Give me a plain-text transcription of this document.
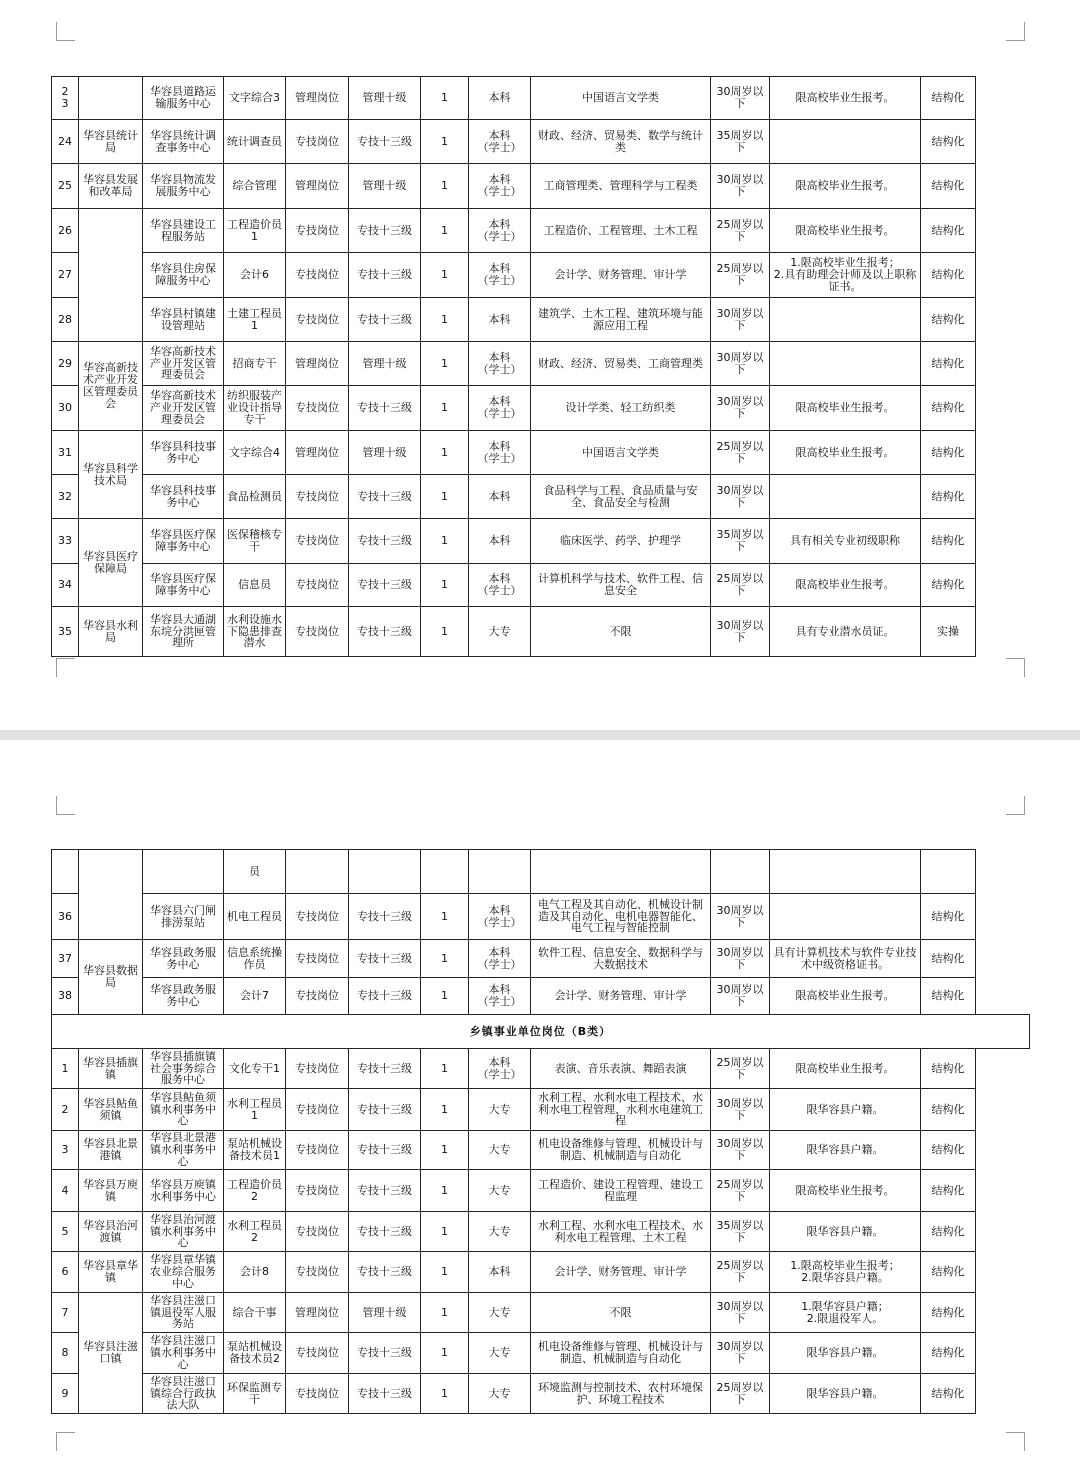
2
3		华容县道路运输服务中心	文字综合3	管理岗位	管理十级	1	本科	中国语言文学类	30周岁以下	限高校毕业生报考。	结构化
24	华容县统计局	华容县统计调查事务中心	统计调查员	专技岗位	专技十三级	1	本科
（学士）	财政、经济、贸易类、数学与统计类	35周岁以下		结构化
25	华容县发展和改革局	华容县物流发展服务中心	综合管理	管理岗位	管理十级	1	本科
（学士）	工商管理类、管理科学与工程类	30周岁以下	限高校毕业生报考。	结构化
26		华容县建设工程服务站	工程造价员1	专技岗位	专技十三级	1	本科
（学士）	工程造价、工程管理、土木工程	25周岁以下	限高校毕业生报考。	结构化
27		华容县住房保障服务中心	会计6	专技岗位	专技十三级	1	本科
（学士）	会计学、财务管理、审计学	25周岁以下	1.限高校毕业生报考；
2.具有助理会计师及以上职称证书。	结构化
28		华容县村镇建设管理站	土建工程员1	专技岗位	专技十三级	1	本科	建筑学、土木工程、建筑环境与能源应用工程	30周岁以下		结构化
29	华容高新技术产业开发区管理委员会	华容高新技术产业开发区管理委员会	招商专干	管理岗位	管理十级	1	本科
（学士）	财政、经济、贸易类、工商管理类	30周岁以下		结构化
30		华容高新技术产业开发区管理委员会	纺织服装产业设计指导专干	专技岗位	专技十三级	1	本科
（学士）	设计学类、轻工纺织类	30周岁以下	限高校毕业生报考。	结构化
31	华容县科学技术局	华容县科技事务中心	文字综合4	管理岗位	管理十级	1	本科
（学士）	中国语言文学类	25周岁以下	限高校毕业生报考。	结构化
32		华容县科技事务中心	食品检测员	专技岗位	专技十三级	1	本科	食品科学与工程、食品质量与安全、食品安全与检测	30周岁以下		结构化
33	华容县医疗保障局	华容县医疗保障事务中心	医保稽核专干	专技岗位	专技十三级	1	本科	临床医学、药学、护理学	35周岁以下	具有相关专业初级职称	结构化
34		华容县医疗保障事务中心	信息员	专技岗位	专技十三级	1	本科
（学士）	计算机科学与技术、软件工程、信息安全	25周岁以下	限高校毕业生报考。	结构化
35	华容县水利局	华容县大通湖东垸分洪匣管理所	水利设施水下隐患排查潜水	专技岗位	专技十三级	1	大专	不限	30周岁以下	具有专业潜水员证。	实操
			员								
36		华容县六门闸排涝泵站	机电工程员	专技岗位	专技十三级	1	本科
（学士）	电气工程及其自动化、机械设计制造及其自动化、电机电器智能化、电气工程与智能控制	30周岁以下		结构化
37	华容县数据局	华容县政务服务中心	信息系统操作员	专技岗位	专技十三级	1	本科
（学士）	软件工程、信息安全、数据科学与大数据技术	30周岁以下	具有计算机技术与软件专业技术中级资格证书。	结构化
38		华容县政务服务中心	会计7	专技岗位	专技十三级	1	本科
（学士）	会计学、财务管理、审计学	30周岁以下	限高校毕业生报考。	结构化
乡镇事业单位岗位（B类）											
1	华容县插旗镇	华容县插旗镇社会事务综合服务中心	文化专干1	专技岗位	专技十三级	1	本科
（学士）	表演、音乐表演、舞蹈表演	25周岁以下	限高校毕业生报考。	结构化
2	华容县鲇鱼须镇	华容县鲇鱼须镇水利事务中心	水利工程员1	专技岗位	专技十三级	1	大专	水利工程、水利水电工程技术、水利水电工程管理、水利水电建筑工程	30周岁以下	限华容县户籍。	结构化
3	华容县北景港镇	华容县北景港镇水利事务中心	泵站机械设备技术员1	专技岗位	专技十三级	1	大专	机电设备维修与管理、机械设计与制造、机械制造与自动化	30周岁以下	限华容县户籍。	结构化
4	华容县万庾镇	华容县万庾镇水利事务中心	工程造价员2	专技岗位	专技十三级	1	大专	工程造价、建设工程管理、建设工程监理	25周岁以下	限高校毕业生报考。	结构化
5	华容县治河渡镇	华容县治河渡镇水利事务中心	水利工程员2	专技岗位	专技十三级	1	大专	水利工程、水利水电工程技术、水利水电工程管理、土木工程	35周岁以下	限华容县户籍。	结构化
6	华容县章华镇	华容县章华镇农业综合服务中心	会计8	专技岗位	专技十三级	1	本科	会计学、财务管理、审计学	25周岁以下	1.限高校毕业生报考；
2.限华容县户籍。	结构化
7	华容县注滋口镇	华容县注滋口镇退役军人服务站	综合干事	管理岗位	管理十级	1	大专	不限	30周岁以下	1.限华容县户籍；
2.限退役军人。	结构化
8		华容县注滋口镇水利事务中心	泵站机械设备技术员2	专技岗位	专技十三级	1	大专	机电设备维修与管理、机械设计与制造、机械制造与自动化	30周岁以下	限华容县户籍。	结构化
9		华容县注滋口镇综合行政执法大队	环保监测专干	专技岗位	专技十三级	1	大专	环境监测与控制技术、农村环境保护、环境工程技术	25周岁以下	限华容县户籍。	结构化
